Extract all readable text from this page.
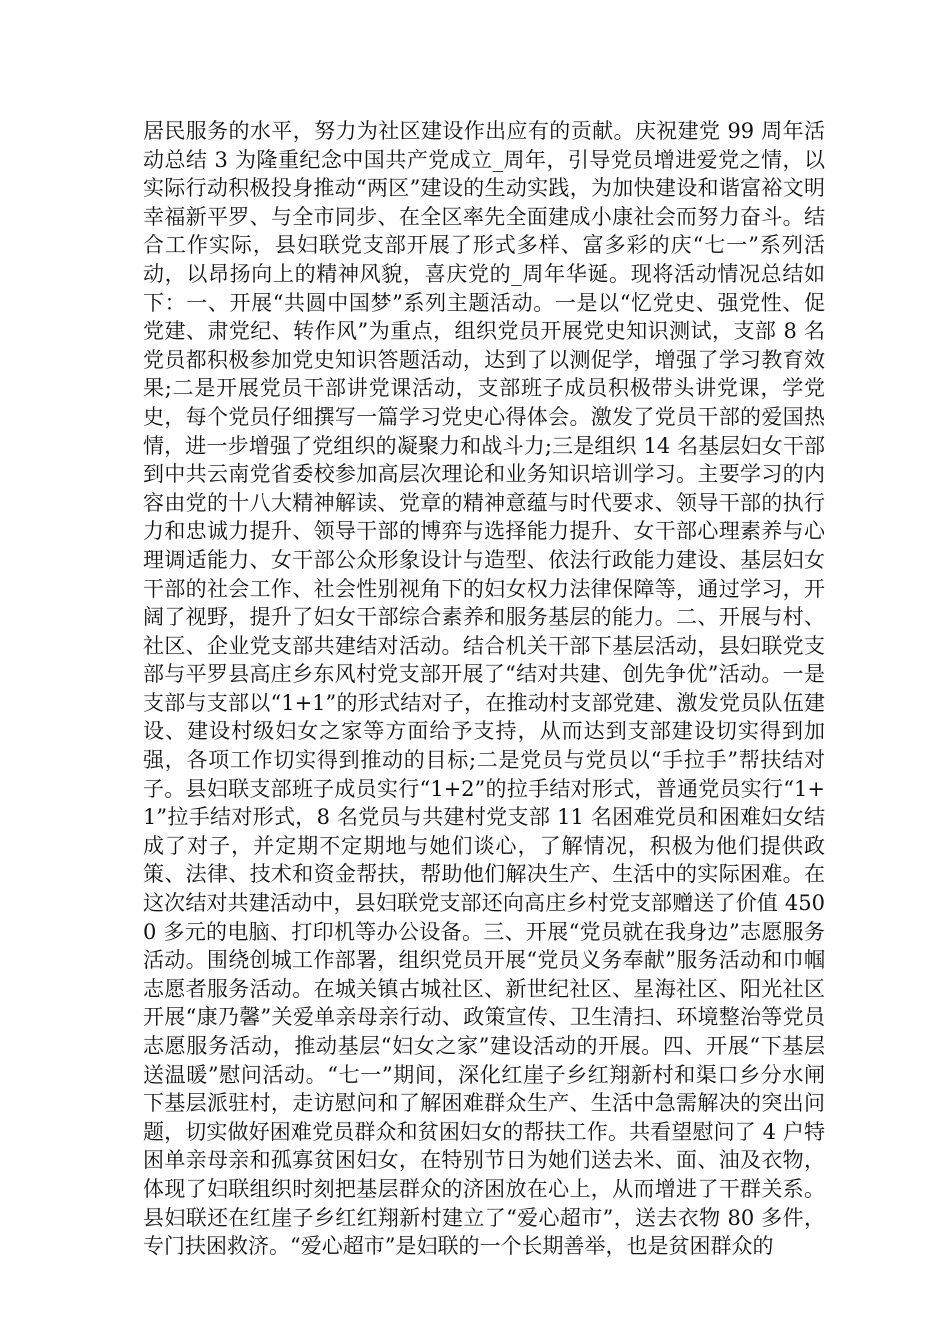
居民服务的水平，努力为社区建设作出应有的贡献。庆祝建党 99 周年活动总结 3 为隆重纪念中国共产党成立_周年，引导党员增进爱党之情，以实际行动积极投身推动“两区”建设的生动实践，为加快建设和谐富裕文明幸福新平罗、与全市同步、在全区率先全面建成小康社会而努力奋斗。结合工作实际，县妇联党支部开展了形式多样、富多彩的庆“七一”系列活动，以昂扬向上的精神风貌，喜庆党的_周年华诞。现将活动情况总结如下：一、开展“共圆中国梦”系列主题活动。一是以“忆党史、强党性、促党建、肃党纪、转作风”为重点，组织党员开展党史知识测试，支部 8 名党员都积极参加党史知识答题活动，达到了以测促学，增强了学习教育效果;二是开展党员干部讲党课活动，支部班子成员积极带头讲党课，学党史，每个党员仔细撰写一篇学习党史心得体会。激发了党员干部的爱国热情，进一步增强了党组织的凝聚力和战斗力;三是组织 14 名基层妇女干部到中共云南党省委校参加高层次理论和业务知识培训学习。主要学习的内容由党的十八大精神解读、党章的精神意蕴与时代要求、领导干部的执行力和忠诚力提升、领导干部的博弈与选择能力提升、女干部心理素养与心理调适能力、女干部公众形象设计与造型、依法行政能力建设、基层妇女干部的社会工作、社会性别视角下的妇女权力法律保障等，通过学习，开阔了视野，提升了妇女干部综合素养和服务基层的能力。二、开展与村、社区、企业党支部共建结对活动。结合机关干部下基层活动，县妇联党支部与平罗县高庄乡东风村党支部开展了“结对共建、创先争优”活动。一是支部与支部以“1+1”的形式结对子，在推动村支部党建、激发党员队伍建设、建设村级妇女之家等方面给予支持，从而达到支部建设切实得到加强，各项工作切实得到推动的目标;二是党员与党员以“手拉手”帮扶结对子。县妇联支部班子成员实行“1+2”的拉手结对形式，普通党员实行“1+1”拉手结对形式，8 名党员与共建村党支部 11 名困难党员和困难妇女结成了对子，并定期不定期地与她们谈心，了解情况，积极为他们提供政策、法律、技术和资金帮扶，帮助他们解决生产、生活中的实际困难。在这次结对共建活动中，县妇联党支部还向高庄乡村党支部赠送了价值 4500 多元的电脑、打印机等办公设备。三、开展“党员就在我身边”志愿服务活动。围绕创城工作部署，组织党员开展“党员义务奉献”服务活动和巾帼志愿者服务活动。在城关镇古城社区、新世纪社区、星海社区、阳光社区开展“康乃馨”关爱单亲母亲行动、政策宣传、卫生清扫、环境整治等党员志愿服务活动，推动基层“妇女之家”建设活动的开展。四、开展“下基层送温暖”慰问活动。“七一”期间，深化红崖子乡红翔新村和渠口乡分水闸下基层派驻村，走访慰问和了解困难群众生产、生活中急需解决的突出问题，切实做好困难党员群众和贫困妇女的帮扶工作。共看望慰问了 4 户特困单亲母亲和孤寡贫困妇女，在特别节日为她们送去米、面、油及衣物，体现了妇联组织时刻把基层群众的济困放在心上，从而增进了干群关系。县妇联还在红崖子乡红红翔新村建立了“爱心超市”，送去衣物 80 多件，专门扶困救济。“爱心超市”是妇联的一个长期善举，也是贫困群众的
